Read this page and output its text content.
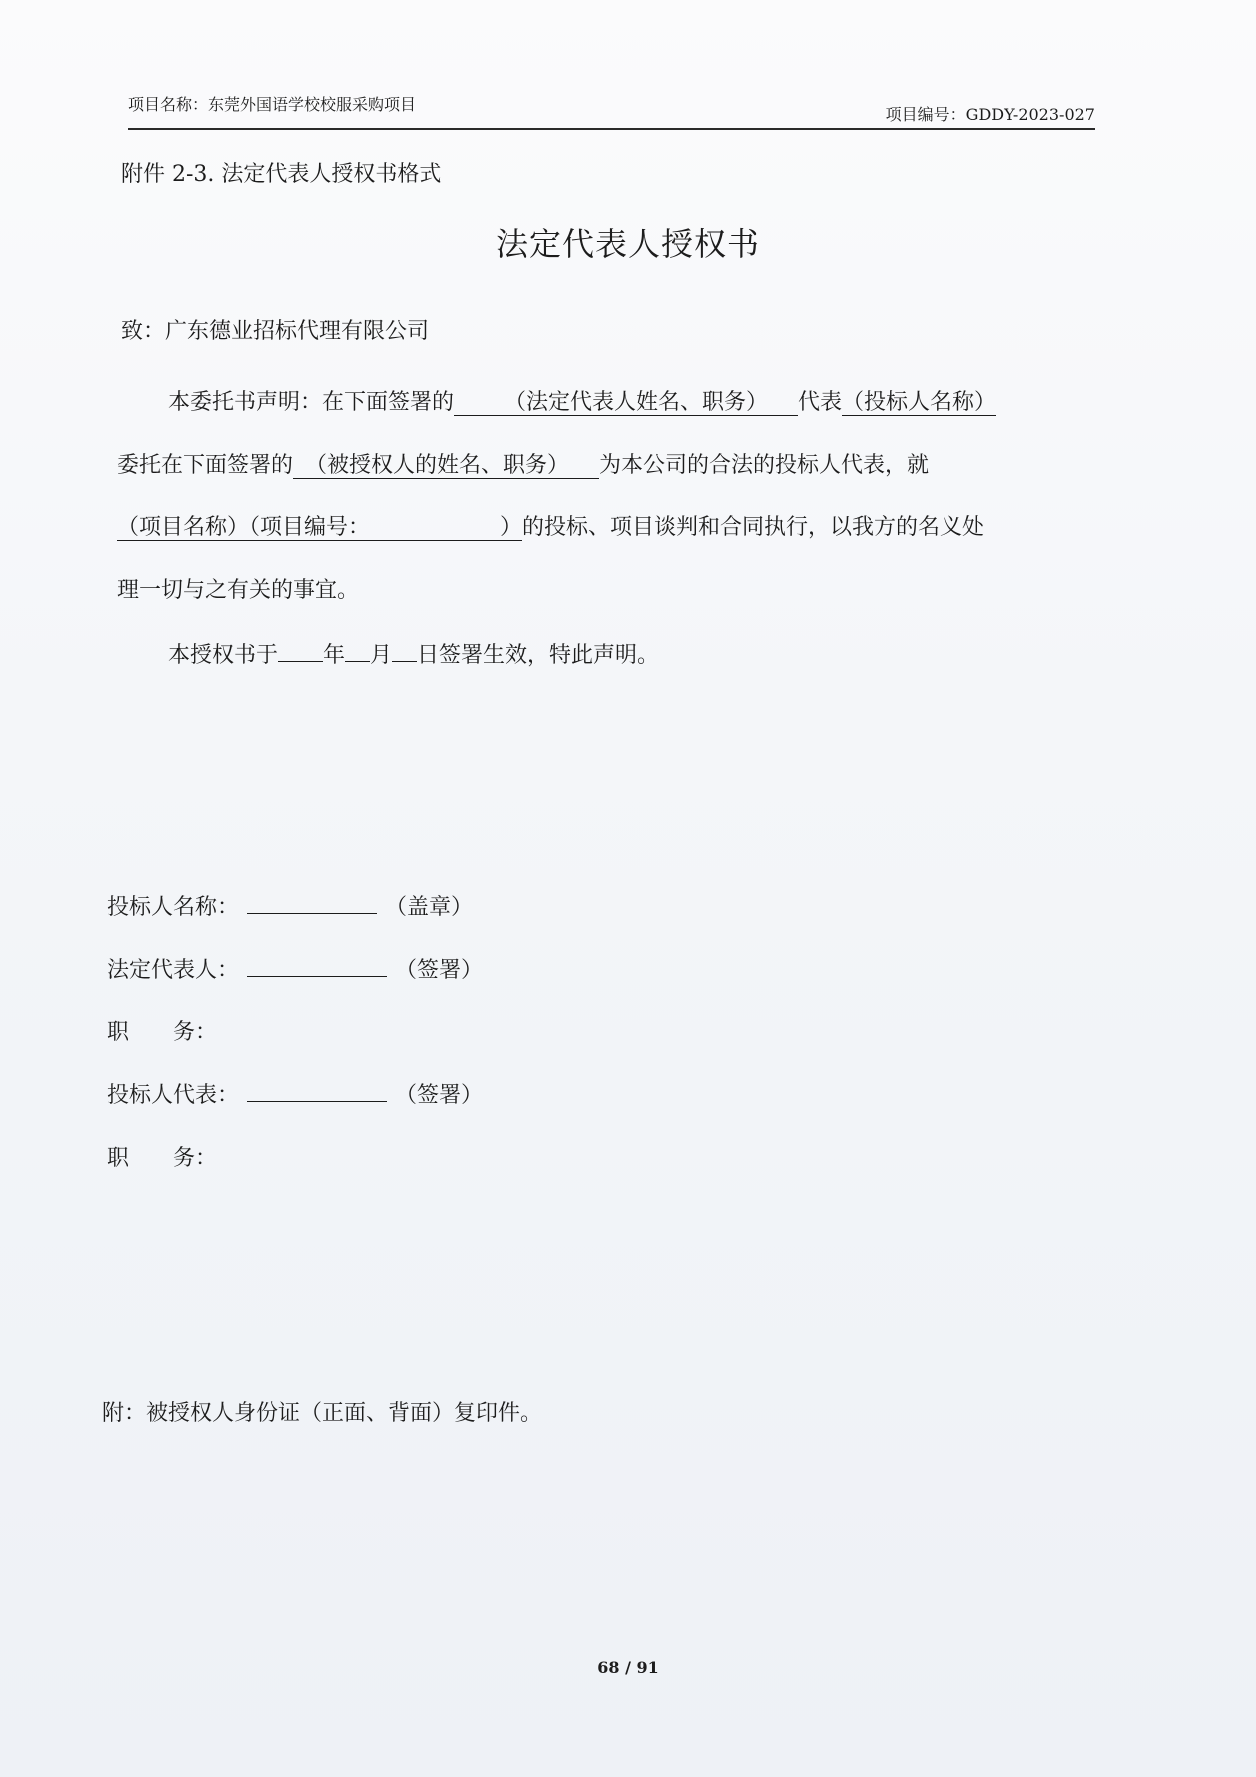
项目名称：东莞外国语学校校服采购项目
项目编号：GDDY-2023-027
附件 2-3. 法定代表人授权书格式
法定代表人授权书
致：广东德业招标代理有限公司
本委托书声明：在下面签署的 （法定代表人姓名、职务） 代表（投标人名称）
委托在下面签署的 （被授权人的姓名、职务） 为本公司的合法的投标人代表，就
（项目名称）（项目编号：	）的投标、项目谈判和合同执行，以我方的名义处
理一切与之有关的事宜。
本授权书于 年 月 日签署生效，特此声明。
投标人名称：	（盖章）
法定代表人：	（签署）
职　　务：
投标人代表：	（签署）
职　　务：
附：被授权人身份证（正面、背面）复印件。
68 / 91
